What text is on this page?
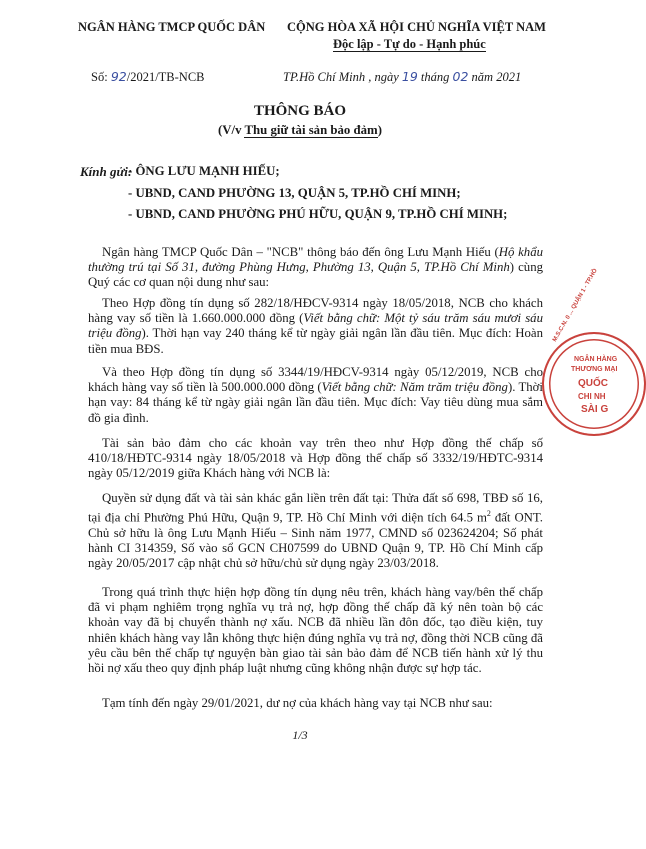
NGÂN HÀNG TMCP QUỐC DÂN CỘNG HÒA XÃ HỘI CHỦ NGHĨA VIỆT NAM
Độc lập - Tự do - Hạnh phúc
Số: 92/2021/TB-NCB	TP.Hồ Chí Minh , ngày 19 tháng 02 năm 2021
THÔNG BÁO
(V/v Thu giữ tài sản bảo đảm)
Kính gửi:
- ÔNG LƯU MẠNH HIẾU;
- UBND, CAND PHƯỜNG 13, QUẬN 5, TP.HỒ CHÍ MINH;
- UBND, CAND PHƯỜNG PHÚ HỮU, QUẬN 9, TP.HỒ CHÍ MINH;
Ngân hàng TMCP Quốc Dân – "NCB" thông báo đến ông Lưu Mạnh Hiếu (Hộ khẩu thường trú tại Số 31, đường Phùng Hưng, Phường 13, Quận 5, TP.Hồ Chí Minh) cùng Quý các cơ quan nội dung như sau:
Theo Hợp đồng tín dụng số 282/18/HĐCV-9314 ngày 18/05/2018, NCB cho khách hàng vay số tiền là 1.660.000.000 đồng (Viết bằng chữ: Một tỷ sáu trăm sáu mươi sáu triệu đồng). Thời hạn vay 240 tháng kể từ ngày giải ngân lần đầu tiên. Mục đích: Hoàn tiền mua BĐS.
Và theo Hợp đồng tín dụng số 3344/19/HĐCV-9314 ngày 05/12/2019, NCB cho khách hàng vay số tiền là 500.000.000 đồng (Viết bằng chữ: Năm trăm triệu đồng). Thời hạn vay: 84 tháng kể từ ngày giải ngân lần đầu tiên. Mục đích: Vay tiêu dùng mua sắm đồ gia đình.
Tài sản bảo đảm cho các khoản vay trên theo như Hợp đồng thế chấp số 410/18/HĐTC-9314 ngày 18/05/2018 và Hợp đồng thế chấp số 3332/19/HĐTC-9314 ngày 05/12/2019 giữa Khách hàng với NCB là:
Quyền sử dụng đất và tài sản khác gắn liền trên đất tại: Thửa đất số 698, TBĐ số 16, tại địa chỉ Phường Phú Hữu, Quận 9, TP. Hồ Chí Minh với diện tích 64.5 $m^2$ đất ONT. Chủ sở hữu là ông Lưu Mạnh Hiếu – Sinh năm 1977, CMND số 023624204; Số phát hành CI 314359, Số vào sổ GCN CH07599 do UBND Quận 9, TP. Hồ Chí Minh cấp ngày 20/05/2017 cập nhật chủ sở hữu/chủ sử dụng ngày 23/03/2018.
Trong quá trình thực hiện hợp đồng tín dụng nêu trên, khách hàng vay/bên thế chấp đã vi phạm nghiêm trọng nghĩa vụ trả nợ, hợp đồng thế chấp đã ký nên toàn bộ các khoản vay đã bị chuyển thành nợ xấu. NCB đã nhiều lần đôn đốc, tạo điều kiện, tuy nhiên khách hàng vay lẫn không thực hiện đúng nghĩa vụ trả nợ, đồng thời NCB cũng đã yêu cầu bên thế chấp tự nguyện bàn giao tài sản bảo đảm để NCB tiến hành xử lý thu hồi nợ xấu theo quy định pháp luật nhưng cũng không nhận được sự hợp tác.
Tạm tính đến ngày 29/01/2021, dư nợ của khách hàng vay tại NCB như sau:
1/3
M.S.C.N. 0 ... QUẬN 1 - TP.HỒ
NGÂN HÀNG
THƯƠNG MẠI
QUỐC
CHI NH
SÀI G
